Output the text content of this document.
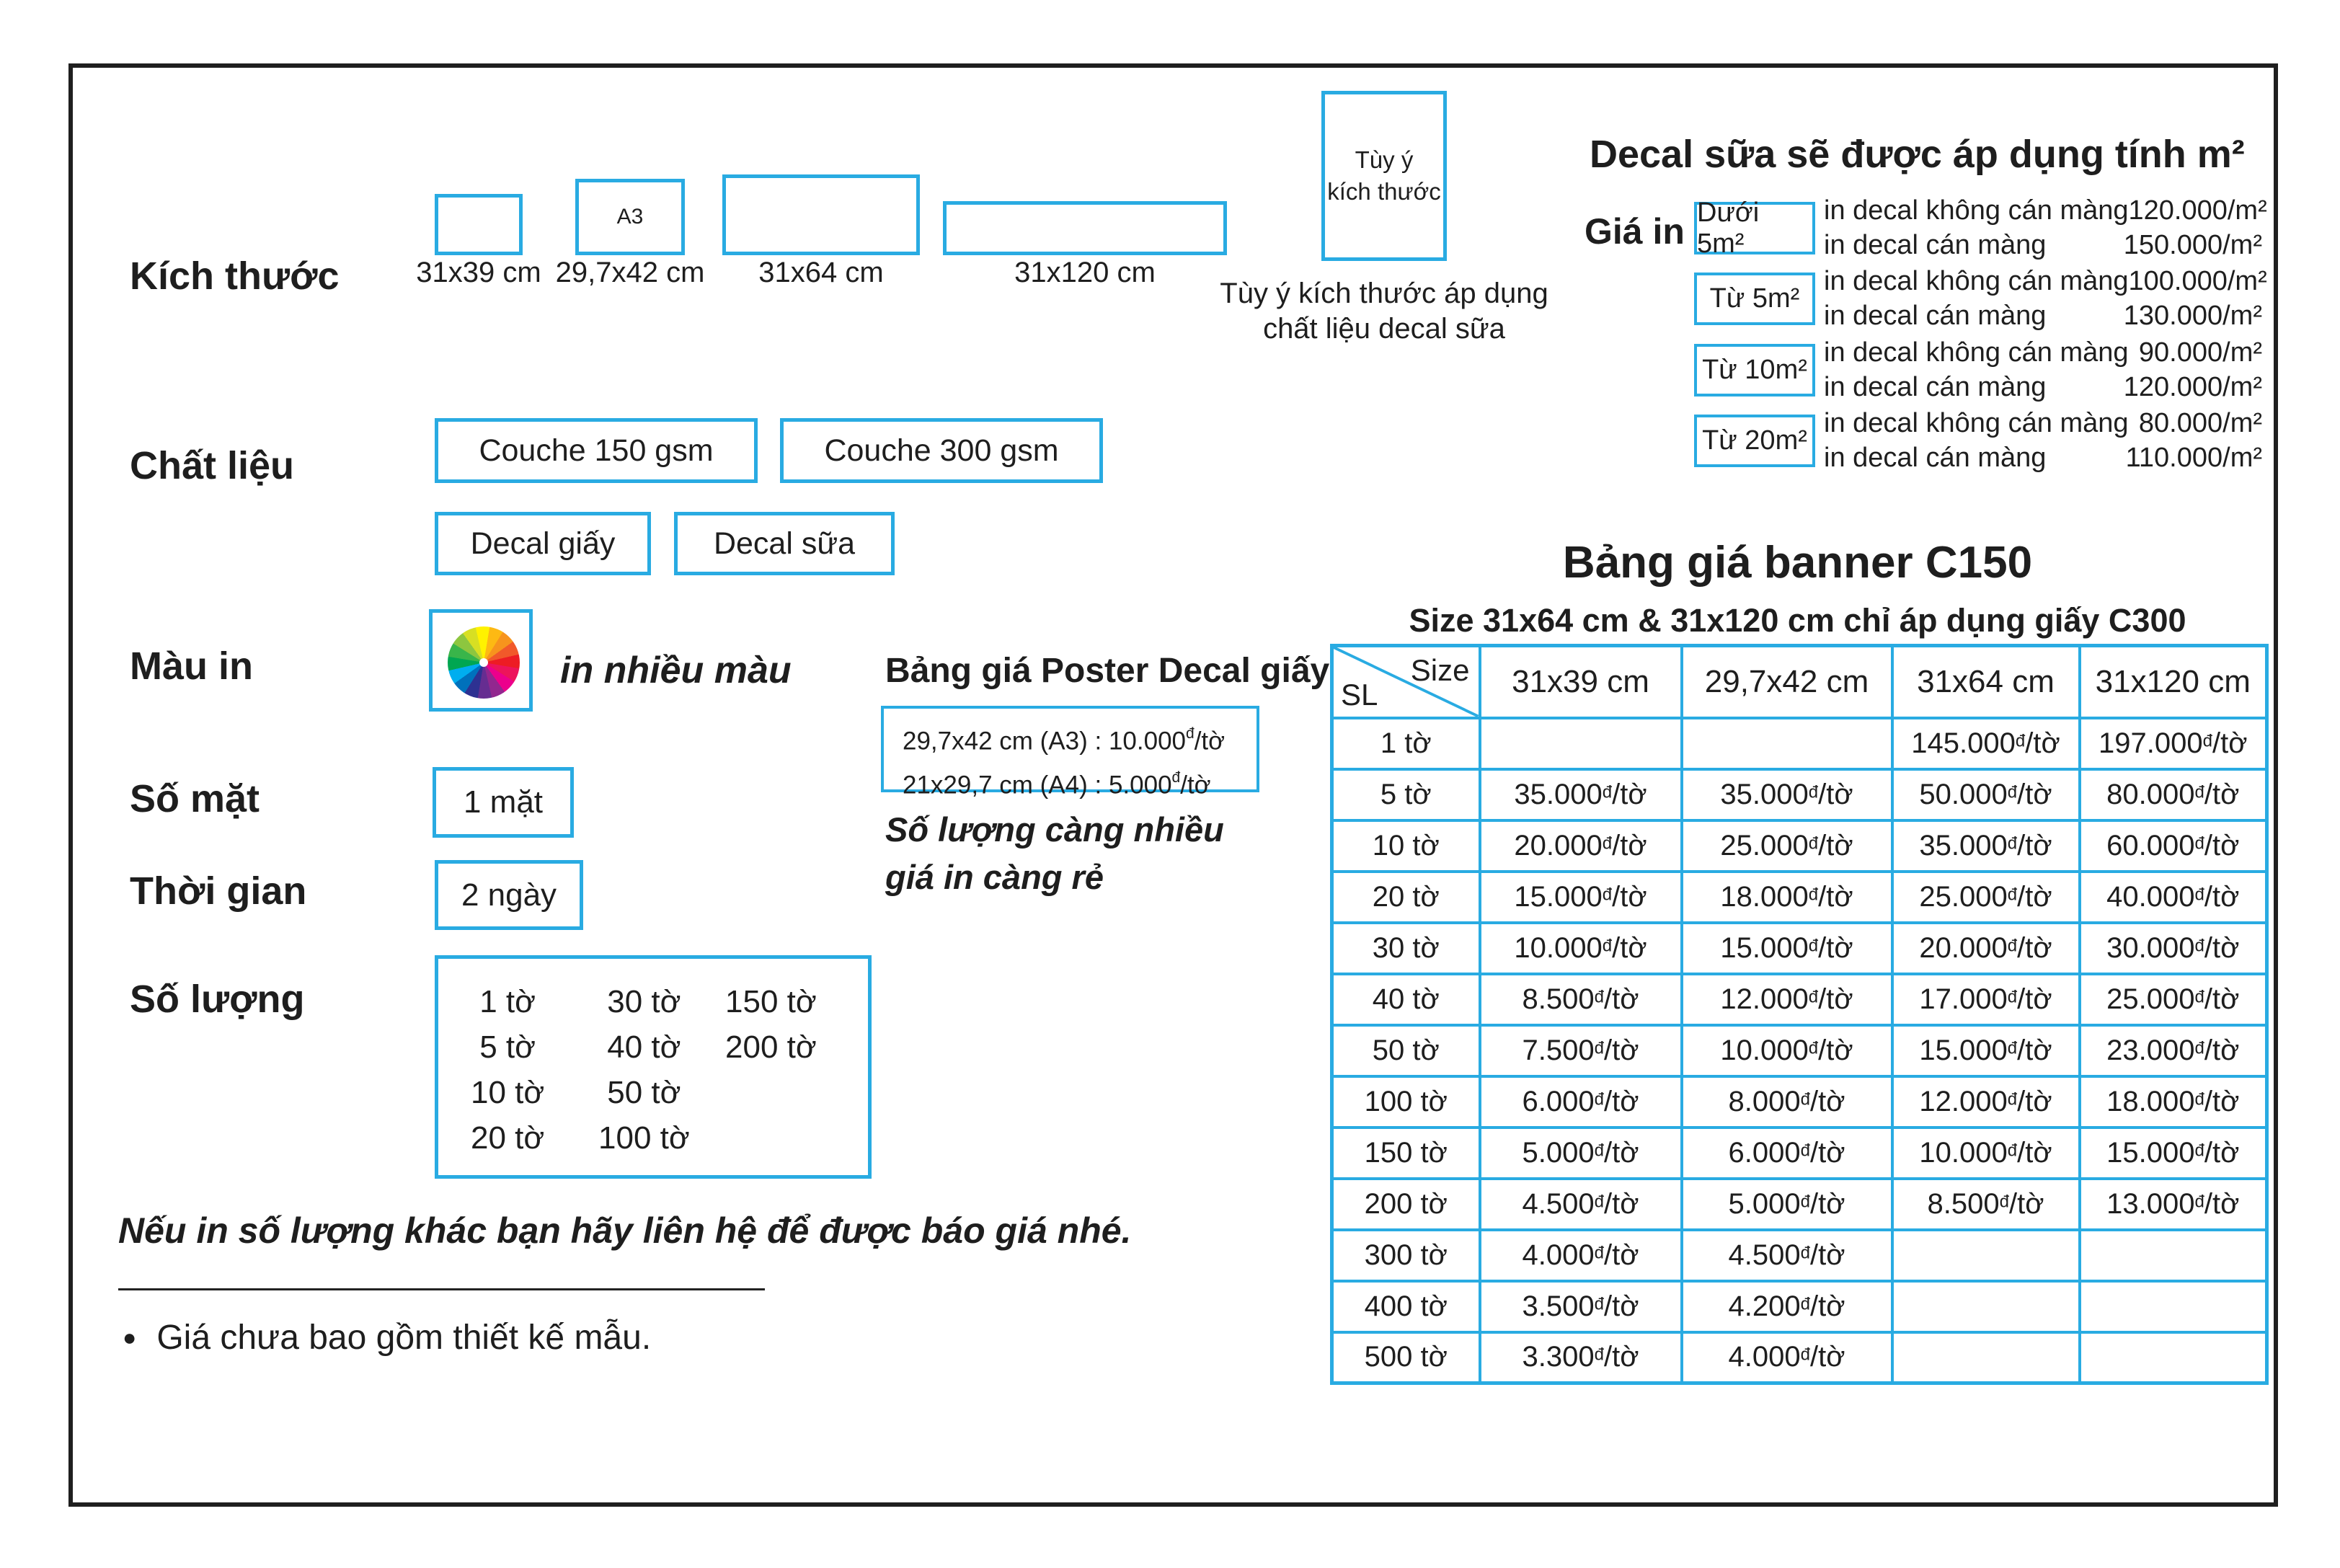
Kích thước
Chất liệu
Màu in
Số mặt
Thời gian
Số lượng
A3
Tùy ý
kích thước
31x39 cm 29,7x42 cm	31x64 cm	31x120 cm
Tùy ý kích thước áp dụng
chất liệu decal sữa
Couche 150 gsm	Couche 300 gsm
Decal giấy	Decal sữa
in nhiều màu	Bảng giá Poster Decal giấy
29,7x42 cm (A3) : $10.000^đ/tờ$
21x29,7 cm (A4) : $5.000^đ/tờ$
Số lượng càng nhiều
giá in càng rẻ
1 mặt
2 ngày
1 tờ
5 tờ
10 tờ
20 tờ
30 tờ
40 tờ
50 tờ
100 tờ
150 tờ
200 tờ
Nếu in số lượng khác bạn hãy liên hệ để được báo giá nhé.
● Giá chưa bao gồm thiết kế mẫu.
Decal sữa sẽ được áp dụng tính m²
Giá in Dưới 5m²
in decal không cán màng 120.000/m²
in decal cán màng	150.000/m²
Từ 5m²
in decal không cán màng 100.000/m²
in decal cán màng	130.000/m²
Từ 10m²
in decal không cán màng 90.000/m²
in decal cán màng	120.000/m²
Từ 20m²
in decal không cán màng 80.000/m²
in decal cán màng	110.000/m²
Bảng giá banner C150
Size 31x64 cm & 31x120 cm chỉ áp dụng giấy C300
Size
SL	31x39 cm	29,7x42 cm	31x64 cm	31x120 cm
1 tờ			$145.000^đ/tờ$	$197.000^đ/tờ$
5 tờ	$35.000^đ/tờ$	$35.000^đ/tờ$	$50.000^đ/tờ$	$80.000^đ/tờ$
10 tờ	$20.000^đ/tờ$	$25.000^đ/tờ$	$35.000^đ/tờ$	$60.000^đ/tờ$
20 tờ	$15.000^đ/tờ$	$18.000^đ/tờ$	$25.000^đ/tờ$	$40.000^đ/tờ$
30 tờ	$10.000^đ/tờ$	$15.000^đ/tờ$	$20.000^đ/tờ$	$30.000^đ/tờ$
40 tờ	$8.500^đ/tờ$	$12.000^đ/tờ$	$17.000^đ/tờ$	$25.000^đ/tờ$
50 tờ	$7.500^đ/tờ$	$10.000^đ/tờ$	$15.000^đ/tờ$	$23.000^đ/tờ$
100 tờ	$6.000^đ/tờ$	$8.000^đ/tờ$	$12.000^đ/tờ$	$18.000^đ/tờ$
150 tờ	$5.000^đ/tờ$	$6.000^đ/tờ$	$10.000^đ/tờ$	$15.000^đ/tờ$
200 tờ	$4.500^đ/tờ$	$5.000^đ/tờ$	$8.500^đ/tờ$	$13.000^đ/tờ$
300 tờ	$4.000^đ/tờ$	$4.500^đ/tờ$		
400 tờ	$3.500^đ/tờ$	$4.200^đ/tờ$		
500 tờ	$3.300^đ/tờ$	$4.000^đ/tờ$		
